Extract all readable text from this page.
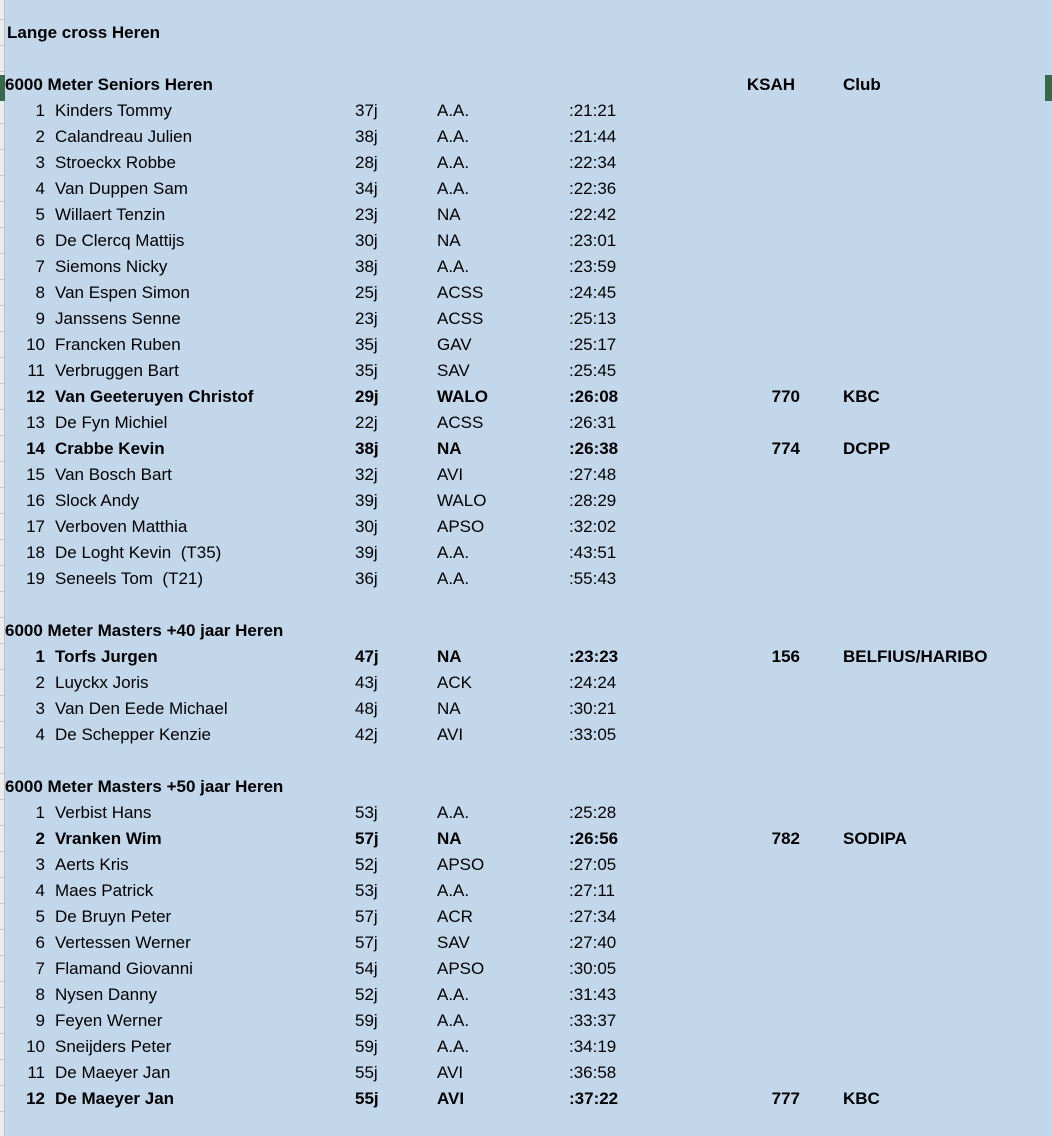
Lange cross Heren
6000 Meter Seniors Heren	KSAH	Club
1 Kinders Tommy	37j	A.A.	:21:21
2 Calandreau Julien	38j	A.A.	:21:44
3 Stroeckx Robbe	28j	A.A.	:22:34
4 Van Duppen Sam	34j	A.A.	:22:36
5 Willaert Tenzin	23j	NA	:22:42
6 De Clercq Mattijs	30j	NA	:23:01
7 Siemons Nicky	38j	A.A.	:23:59
8 Van Espen Simon	25j	ACSS	:24:45
9 Janssens Senne	23j	ACSS	:25:13
10 Francken Ruben	35j	GAV	:25:17
11 Verbruggen Bart	35j	SAV	:25:45
12 Van Geeteruyen Christof	29j	WALO	:26:08	770	KBC
13 De Fyn Michiel	22j	ACSS	:26:31
14 Crabbe Kevin	38j	NA	:26:38	774	DCPP
15 Van Bosch Bart	32j	AVI	:27:48
16 Slock Andy	39j	WALO	:28:29
17 Verboven Matthia	30j	APSO	:32:02
18 De Loght Kevin  (T35)	39j	A.A.	:43:51
19 Seneels Tom  (T21)	36j	A.A.	:55:43
6000 Meter Masters +40 jaar Heren
1 Torfs Jurgen	47j	NA	:23:23	156	BELFIUS/HARIBO
2 Luyckx Joris	43j	ACK	:24:24
3 Van Den Eede Michael	48j	NA	:30:21
4 De Schepper Kenzie	42j	AVI	:33:05
6000 Meter Masters +50 jaar Heren
1 Verbist Hans	53j	A.A.	:25:28
2 Vranken Wim	57j	NA	:26:56	782	SODIPA
3 Aerts Kris	52j	APSO	:27:05
4 Maes Patrick	53j	A.A.	:27:11
5 De Bruyn Peter	57j	ACR	:27:34
6 Vertessen Werner	57j	SAV	:27:40
7 Flamand Giovanni	54j	APSO	:30:05
8 Nysen Danny	52j	A.A.	:31:43
9 Feyen Werner	59j	A.A.	:33:37
10 Sneijders Peter	59j	A.A.	:34:19
11 De Maeyer Jan	55j	AVI	:36:58
12 De Maeyer Jan	55j	AVI	:37:22	777	KBC
